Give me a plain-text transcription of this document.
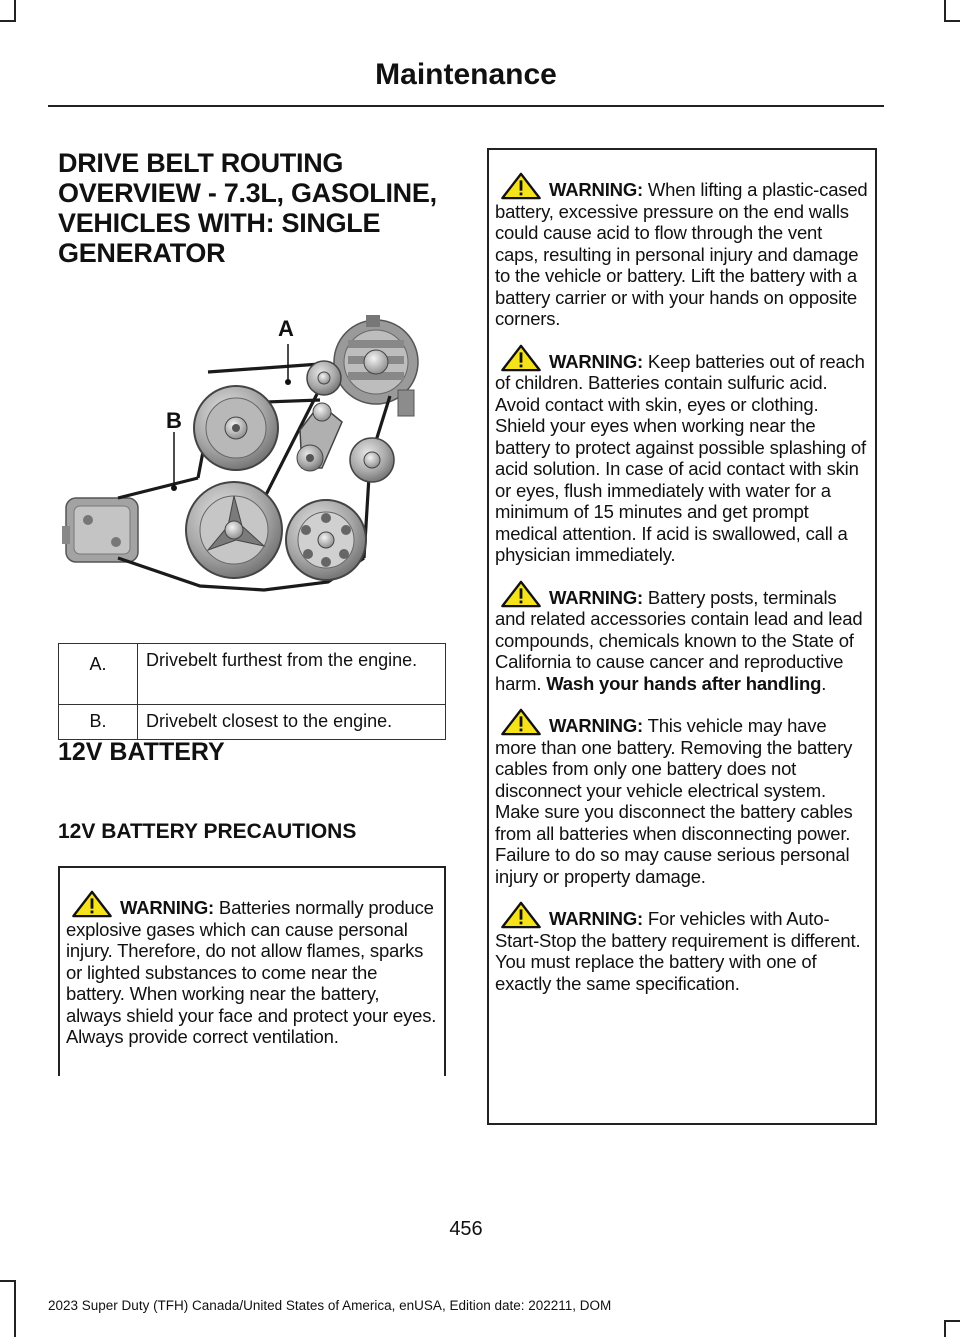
Maintenance
DRIVE BELT ROUTING
OVERVIEW - 7.3L, GASOLINE,
VEHICLES WITH: SINGLE
GENERATOR
A
B
A.	Drivebelt furthest from the engine.
B.	Drivebelt closest to the engine.
12V BATTERY
12V BATTERY PRECAUTIONS
WARNING: Batteries normally produce explosive gases which can cause personal injury. Therefore, do not allow flames, sparks or lighted substances to come near the battery. When working near the battery, always shield your face and protect your eyes. Always provide correct ventilation.
WARNING: When lifting a plastic-cased battery, excessive pressure on the end walls could cause acid to flow through the vent caps, resulting in personal injury and damage to the vehicle or battery. Lift the battery with a battery carrier or with your hands on opposite corners.
WARNING: Keep batteries out of reach of children. Batteries contain sulfuric acid. Avoid contact with skin, eyes or clothing. Shield your eyes when working near the battery to protect against possible splashing of acid solution. In case of acid contact with skin or eyes, flush immediately with water for a minimum of 15 minutes and get prompt medical attention. If acid is swallowed, call a physician immediately.
WARNING: Battery posts, terminals and related accessories contain lead and lead compounds, chemicals known to the State of California to cause cancer and reproductive harm. Wash your hands after handling.
WARNING: This vehicle may have more than one battery. Removing the battery cables from only one battery does not disconnect your vehicle electrical system. Make sure you disconnect the battery cables from all batteries when disconnecting power. Failure to do so may cause serious personal injury or property damage.
WARNING: For vehicles with Auto-Start-Stop the battery requirement is different. You must replace the battery with one of exactly the same specification.
456
2023 Super Duty (TFH) Canada/United States of America, enUSA, Edition date: 202211, DOM
